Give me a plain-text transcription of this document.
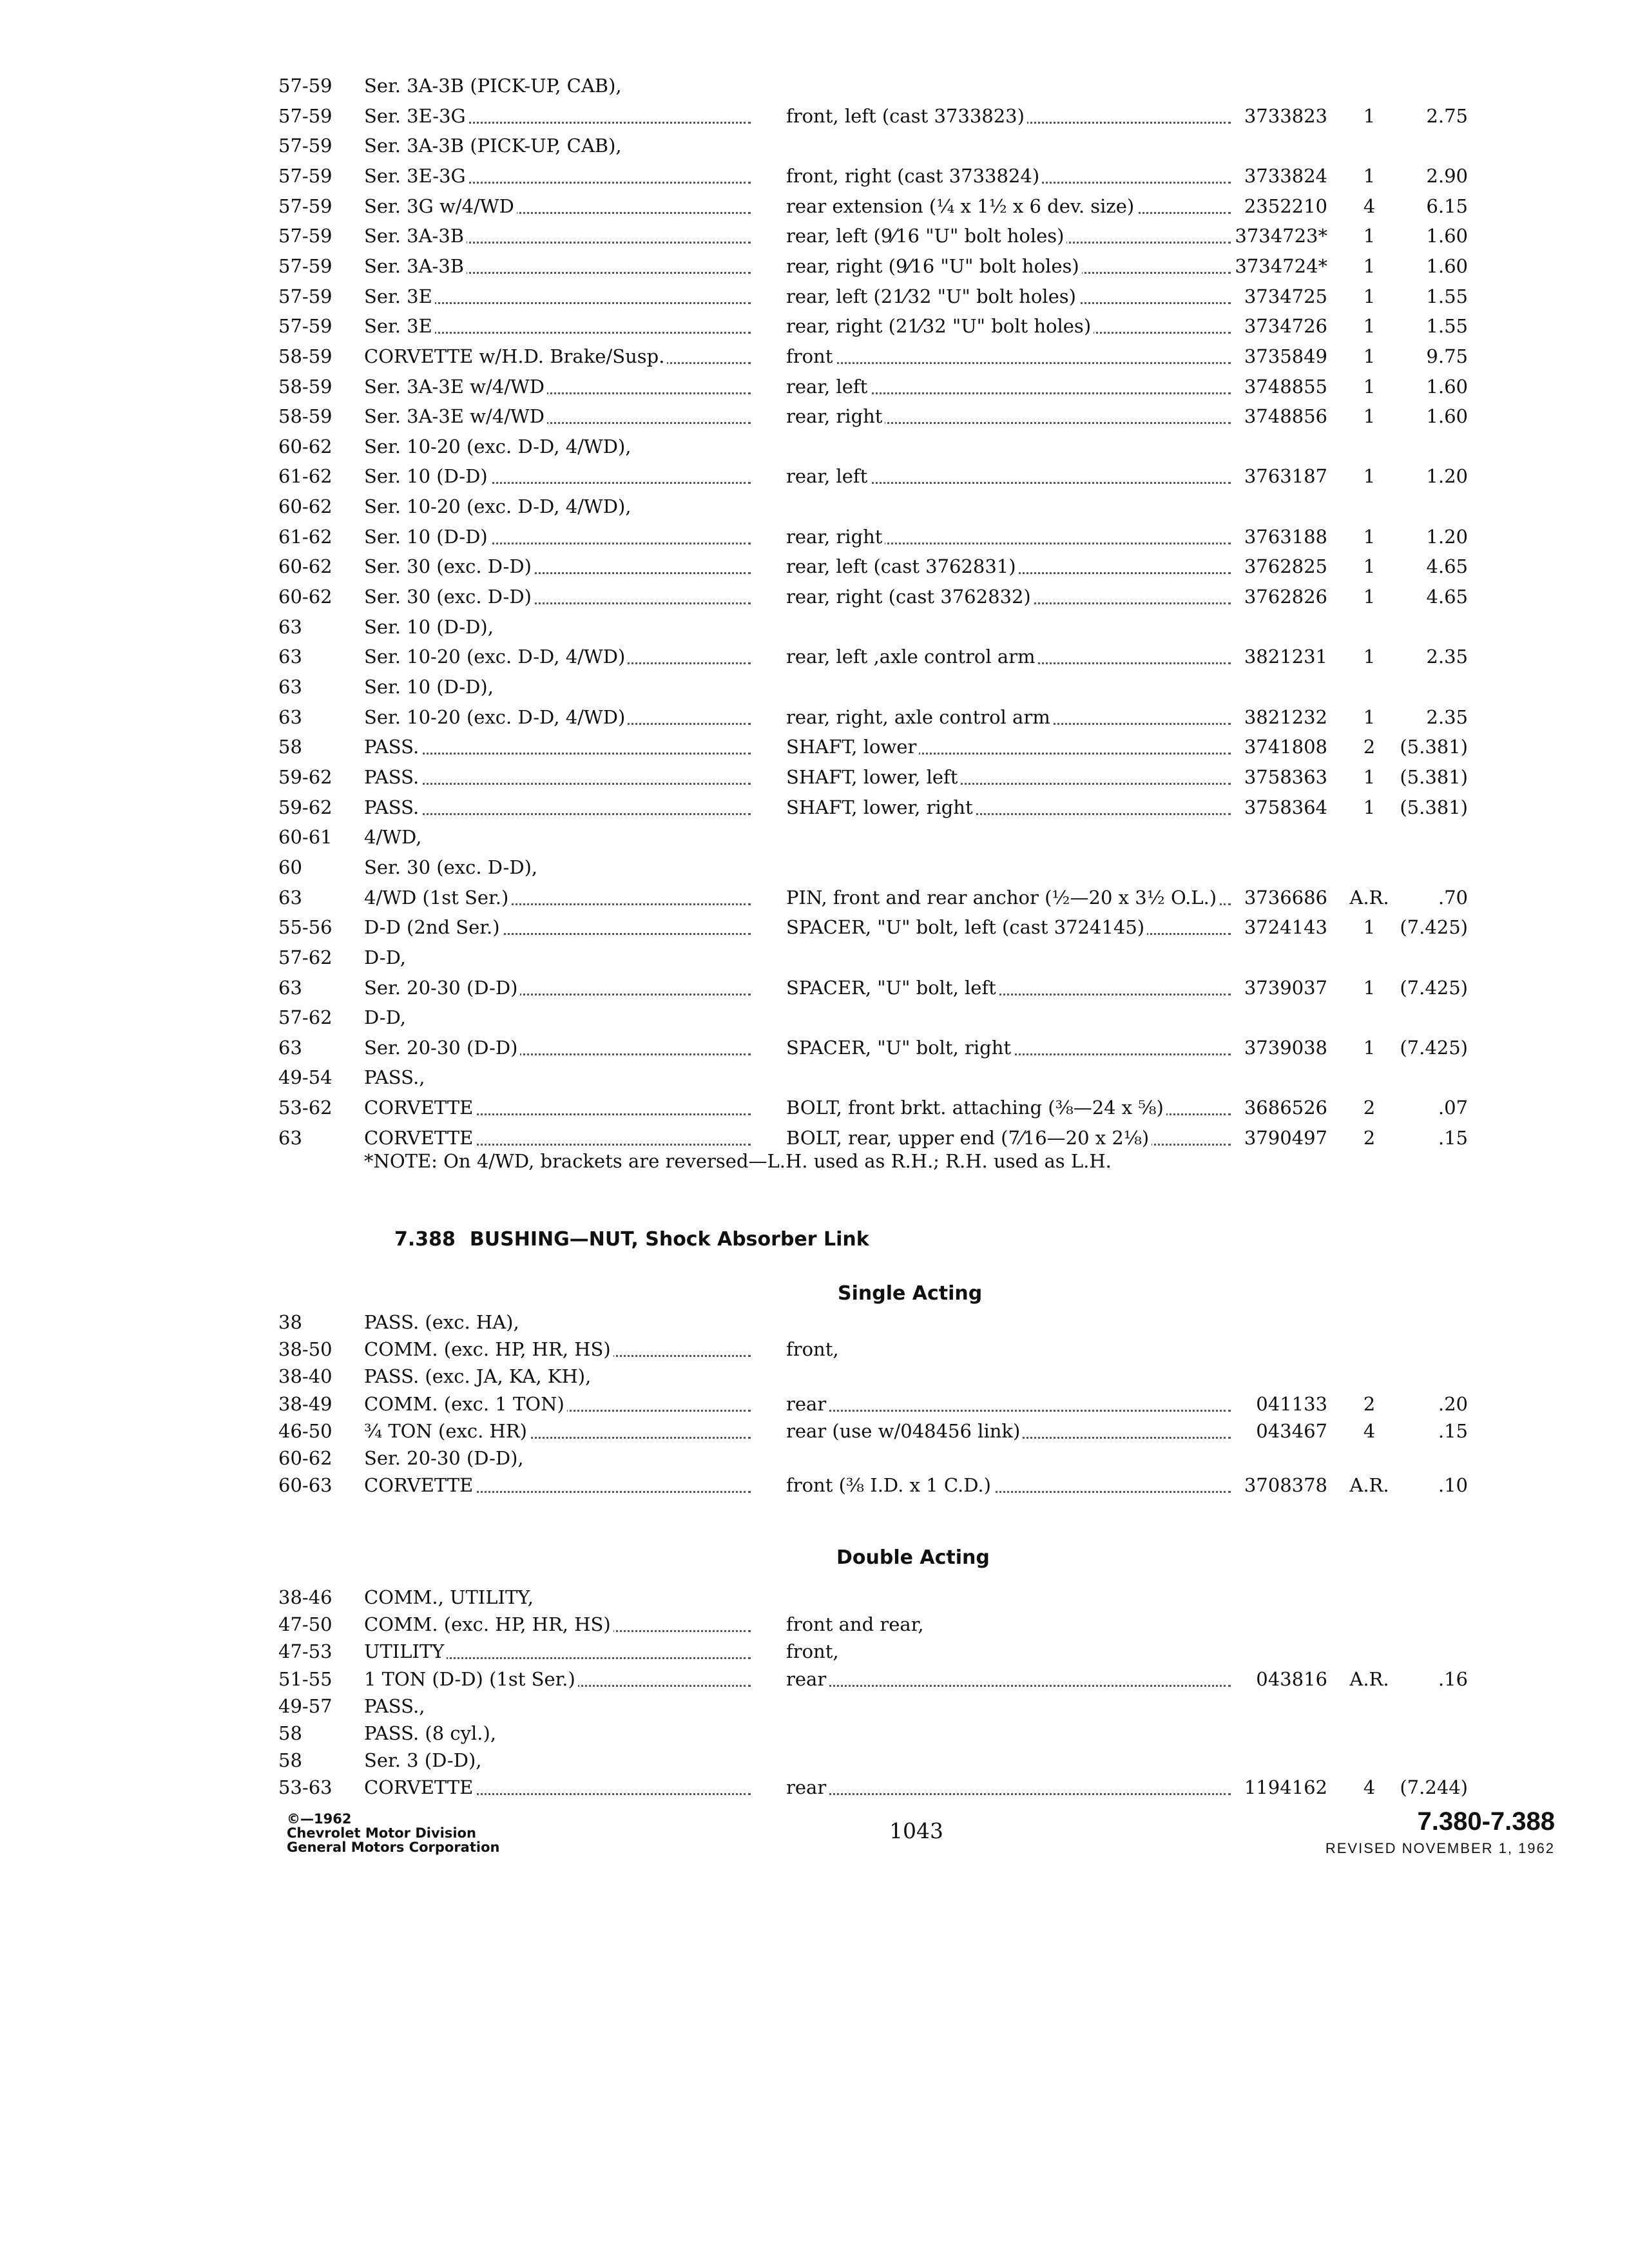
57-59	Ser. 3A-3B (PICK-UP, CAB),
57-59	Ser. 3E-3G	front, left (cast 3733823)	3733823	1	2.75
57-59	Ser. 3A-3B (PICK-UP, CAB),
57-59	Ser. 3E-3G	front, right (cast 3733824)	3733824	1	2.90
57-59	Ser. 3G w/4/WD	rear extension (¼ x 1½ x 6 dev. size)	2352210	4	6.15
57-59	Ser. 3A-3B	rear, left (9⁄16 "U" bolt holes)	3734723*	1	1.60
57-59	Ser. 3A-3B	rear, right (9⁄16 "U" bolt holes)	3734724*	1	1.60
57-59	Ser. 3E	rear, left (21⁄32 "U" bolt holes)	3734725	1	1.55
57-59	Ser. 3E	rear, right (21⁄32 "U" bolt holes)	3734726	1	1.55
58-59	CORVETTE w/H.D. Brake/Susp.	front	3735849	1	9.75
58-59	Ser. 3A-3E w/4/WD	rear, left	3748855	1	1.60
58-59	Ser. 3A-3E w/4/WD	rear, right	3748856	1	1.60
60-62	Ser. 10-20 (exc. D-D, 4/WD),
61-62	Ser. 10 (D-D)	rear, left	3763187	1	1.20
60-62	Ser. 10-20 (exc. D-D, 4/WD),
61-62	Ser. 10 (D-D)	rear, right	3763188	1	1.20
60-62	Ser. 30 (exc. D-D)	rear, left (cast 3762831)	3762825	1	4.65
60-62	Ser. 30 (exc. D-D)	rear, right (cast 3762832)	3762826	1	4.65
63	Ser. 10 (D-D),
63	Ser. 10-20 (exc. D-D, 4/WD)	rear, left ,axle control arm	3821231	1	2.35
63	Ser. 10 (D-D),
63	Ser. 10-20 (exc. D-D, 4/WD)	rear, right, axle control arm	3821232	1	2.35
58	PASS.	SHAFT, lower	3741808	2	(5.381)
59-62	PASS.	SHAFT, lower, left	3758363	1	(5.381)
59-62	PASS.	SHAFT, lower, right	3758364	1	(5.381)
60-61	4/WD,
60	Ser. 30 (exc. D-D),
63	4/WD (1st Ser.)	PIN, front and rear anchor (½—20 x 3½ O.L.)	3736686	A.R.	.70
55-56	D-D (2nd Ser.)	SPACER, "U" bolt, left (cast 3724145)	3724143	1	(7.425)
57-62	D-D,
63	Ser. 20-30 (D-D)	SPACER, "U" bolt, left	3739037	1	(7.425)
57-62	D-D,
63	Ser. 20-30 (D-D)	SPACER, "U" bolt, right	3739038	1	(7.425)
49-54	PASS.,
53-62	CORVETTE	BOLT, front brkt. attaching (⅜—24 x ⅝)	3686526	2	.07
63	CORVETTE	BOLT, rear, upper end (7⁄16—20 x 2⅛)	3790497	2	.15
*NOTE: On 4/WD, brackets are reversed—L.H. used as R.H.; R.H. used as L.H.
7.388 BUSHING—NUT, Shock Absorber Link
Single Acting
38	PASS. (exc. HA),
38-50	COMM. (exc. HP, HR, HS)	front,
38-40	PASS. (exc. JA, KA, KH),
38-49	COMM. (exc. 1 TON)	rear	041133	2	.20
46-50	¾ TON (exc. HR)	rear (use w/048456 link)	043467	4	.15
60-62	Ser. 20-30 (D-D),
60-63	CORVETTE	front (⅜ I.D. x 1 C.D.)	3708378	A.R.	.10
Double Acting
38-46	COMM., UTILITY,
47-50	COMM. (exc. HP, HR, HS)	front and rear,
47-53	UTILITY	front,
51-55	1 TON (D-D) (1st Ser.)	rear	043816	A.R.	.16
49-57	PASS.,
58	PASS. (8 cyl.),
58	Ser. 3 (D-D),
53-63	CORVETTE	rear	1194162	4	(7.244)
©—1962
Chevrolet Motor Division
General Motors Corporation
1043	7.380-7.388
REVISED NOVEMBER 1, 1962
